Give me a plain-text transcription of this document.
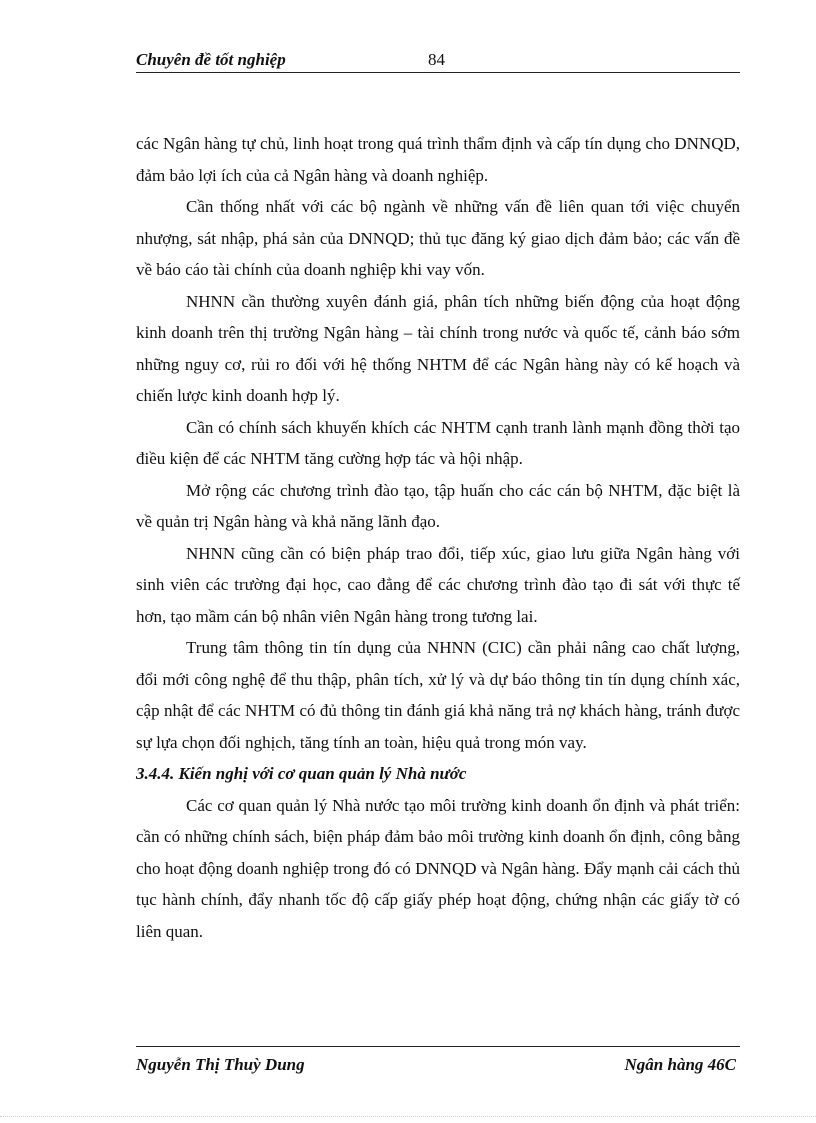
Chuyên đề tốt nghiệp	84

các Ngân hàng tự chủ, linh hoạt trong quá trình thẩm định và cấp tín dụng cho DNNQD, đảm bảo lợi ích của cả Ngân hàng và doanh nghiệp.

Cần thống nhất với các bộ ngành về những vấn đề liên quan tới việc chuyển nhượng, sát nhập, phá sản của DNNQD; thủ tục đăng ký giao dịch đảm bảo; các vấn đề về báo cáo tài chính của doanh nghiệp khi vay vốn.

NHNN cần thường xuyên đánh giá, phân tích những biến động của hoạt động kinh doanh trên thị trường Ngân hàng – tài chính trong nước và quốc tế, cảnh báo sớm những nguy cơ, rủi ro đối với hệ thống NHTM để các Ngân hàng này có kế hoạch và chiến lược kinh doanh hợp lý.

Cần có chính sách khuyến khích các NHTM cạnh tranh lành mạnh đồng thời tạo điều kiện để các NHTM tăng cường hợp tác và hội nhập.

Mở rộng các chương trình đào tạo, tập huấn cho các cán bộ NHTM, đặc biệt là về quản trị Ngân hàng và khả năng lãnh đạo.

NHNN cũng cần có biện pháp trao đổi, tiếp xúc, giao lưu giữa Ngân hàng với sinh viên các trường đại học, cao đẳng để các chương trình đào tạo đi sát với thực tế hơn, tạo mầm cán bộ nhân viên Ngân hàng trong tương lai.

Trung tâm thông tin tín dụng của NHNN (CIC) cần phải nâng cao chất lượng, đổi mới công nghệ để thu thập, phân tích, xử lý và dự báo thông tin tín dụng chính xác, cập nhật để các NHTM có đủ thông tin đánh giá khả năng trả nợ khách hàng, tránh được sự lựa chọn đối nghịch, tăng tính an toàn, hiệu quả trong món vay.

3.4.4. Kiến nghị với cơ quan quản lý Nhà nước

Các cơ quan quản lý Nhà nước tạo môi trường kinh doanh ổn định và phát triển: cần có những chính sách, biện pháp đảm bảo môi trường kinh doanh ổn định, công bằng cho hoạt động doanh nghiệp trong đó có DNNQD và Ngân hàng. Đẩy mạnh cải cách thủ tục hành chính, đẩy nhanh tốc độ cấp giấy phép hoạt động, chứng nhận các giấy tờ có liên quan.

Nguyễn Thị Thuỳ Dung	Ngân hàng 46C
